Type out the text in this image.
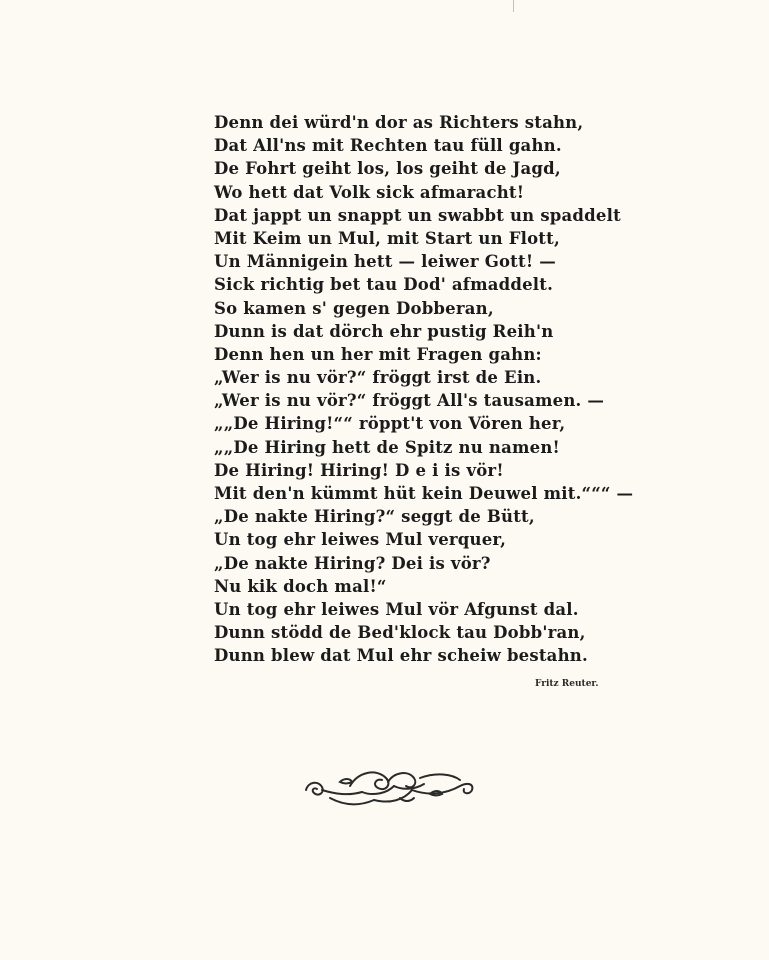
Denn dei würd'n dor as Richters stahn,
Dat All'ns mit Rechten tau füll gahn.
De Fohrt geiht los, los geiht de Jagd,
Wo hett dat Volk sick afmaracht!
Dat jappt un snappt un swabbt un spaddelt
Mit Keim un Mul, mit Start un Flott,
Un Männigein hett — leiwer Gott! —
Sick richtig bet tau Dod' afmaddelt.
So kamen s' gegen Dobberan,
Dunn is dat dörch ehr pustig Reih'n
Denn hen un her mit Fragen gahn:
„Wer is nu vör?“ fröggt irst de Ein.
„Wer is nu vör?“ fröggt All's tausamen. —
„„De Hiring!““ röppt't von Vören her,
„„De Hiring hett de Spitz nu namen!
De Hiring! Hiring! D e i is vör!
Mit den'n kümmt hüt kein Deuwel mit.“““ —
„De nakte Hiring?“ seggt de Bütt,
Un tog ehr leiwes Mul verquer,
„De nakte Hiring? Dei is vör?
Nu kik doch mal!“
Un tog ehr leiwes Mul vör Afgunst dal.
Dunn stödd de Bed'klock tau Dobb'ran,
Dunn blew dat Mul ehr scheiw bestahn.
Fritz Reuter.
